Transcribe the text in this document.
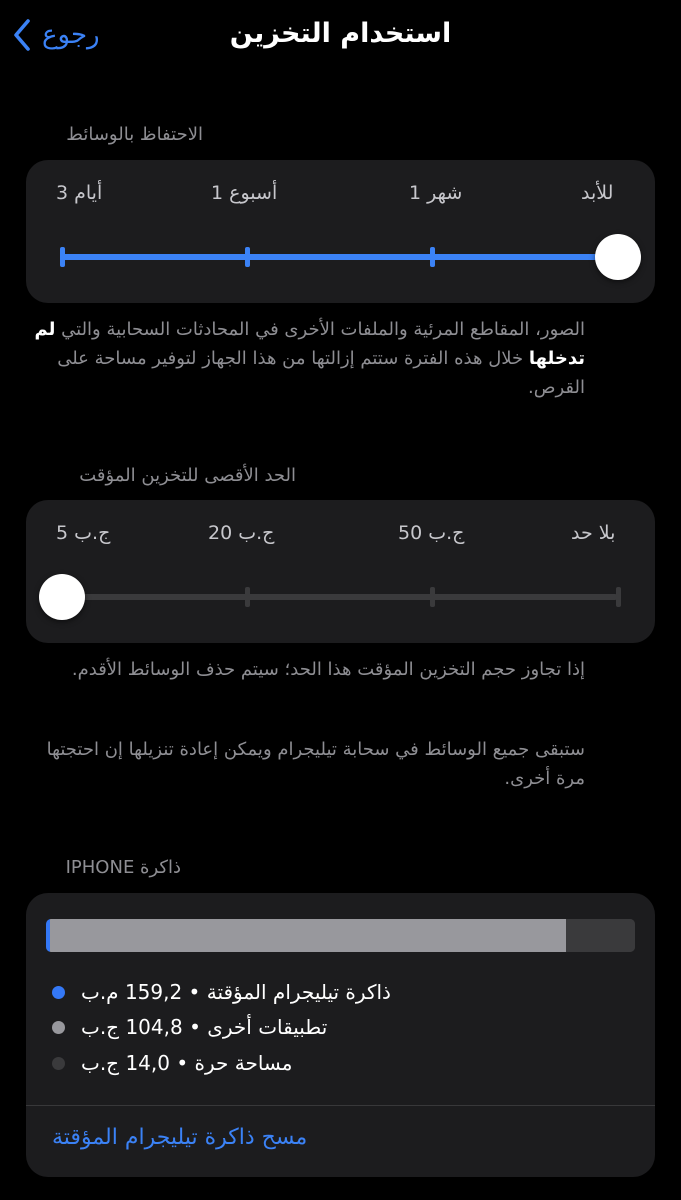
رجوع	استخدام التخزين
الاحتفاظ بالوسائط
للأبد
شهر 1
أسبوع 1
أيام 3
الصور، المقاطع المرئية والملفات الأخرى في المحادثات السحابية والتي لم تدخلها خلال هذه الفترة ستتم إزالتها من هذا الجهاز لتوفير مساحة على القرص.
الحد الأقصى للتخزين المؤقت
بلا حد
50 ج.ب
20 ج.ب
5 ج.ب
إذا تجاوز حجم التخزين المؤقت هذا الحد؛ سيتم حذف الوسائط الأقدم.
ستبقى جميع الوسائط في سحابة تيليجرام ويمكن إعادة تنزيلها إن احتجتها مرة أخرى.
ذاكرة IPHONE
ذاكرة تيليجرام المؤقتة • 159,2 م.ب
تطبيقات أخرى • 104,8 ج.ب
مساحة حرة • 14,0 ج.ب
مسح ذاكرة تيليجرام المؤقتة
